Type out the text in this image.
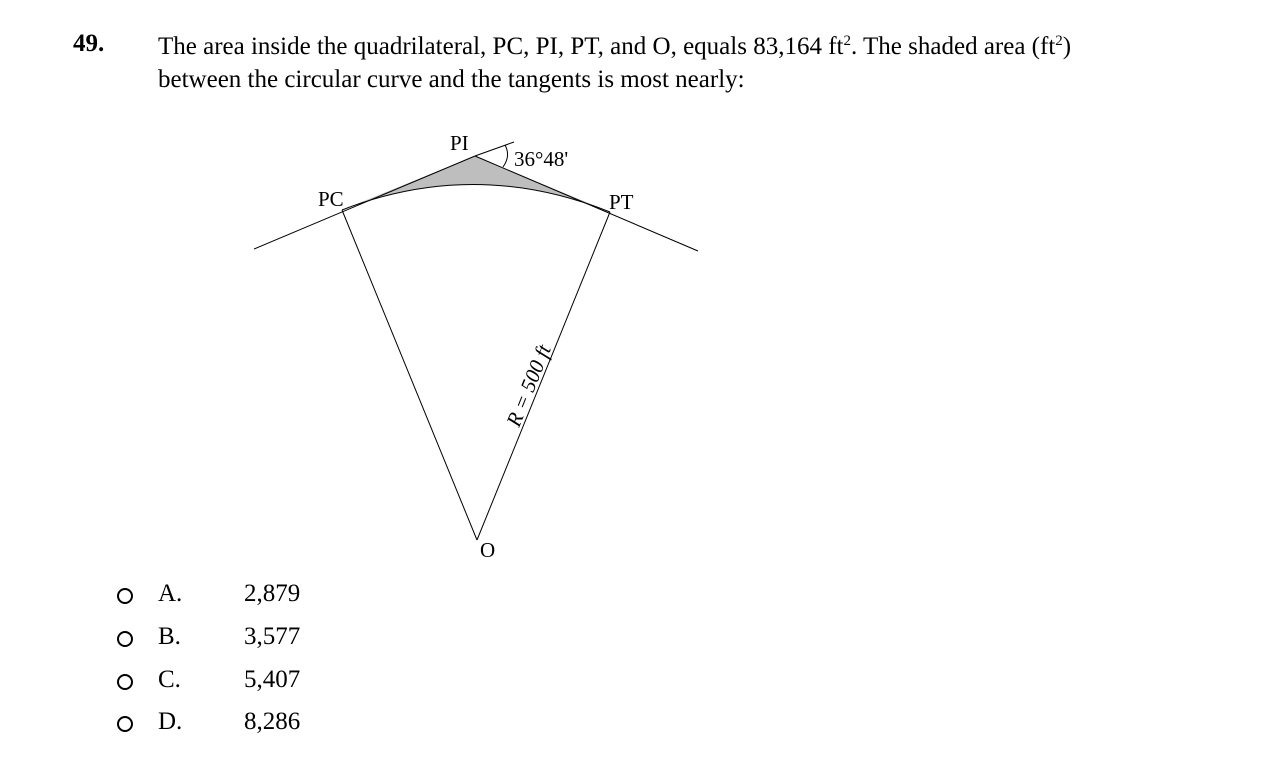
49. The area inside the quadrilateral, PC, PI, PT, and O, equals 83,164 $ft^2$. The shaded area $(ft^2)$
between the circular curve and the tangents is most nearly:
PI
36°48'
PC	PT
O
R = 500 ft
A. 2,879
B.	3,577
C.	5,407
D. 8,286
